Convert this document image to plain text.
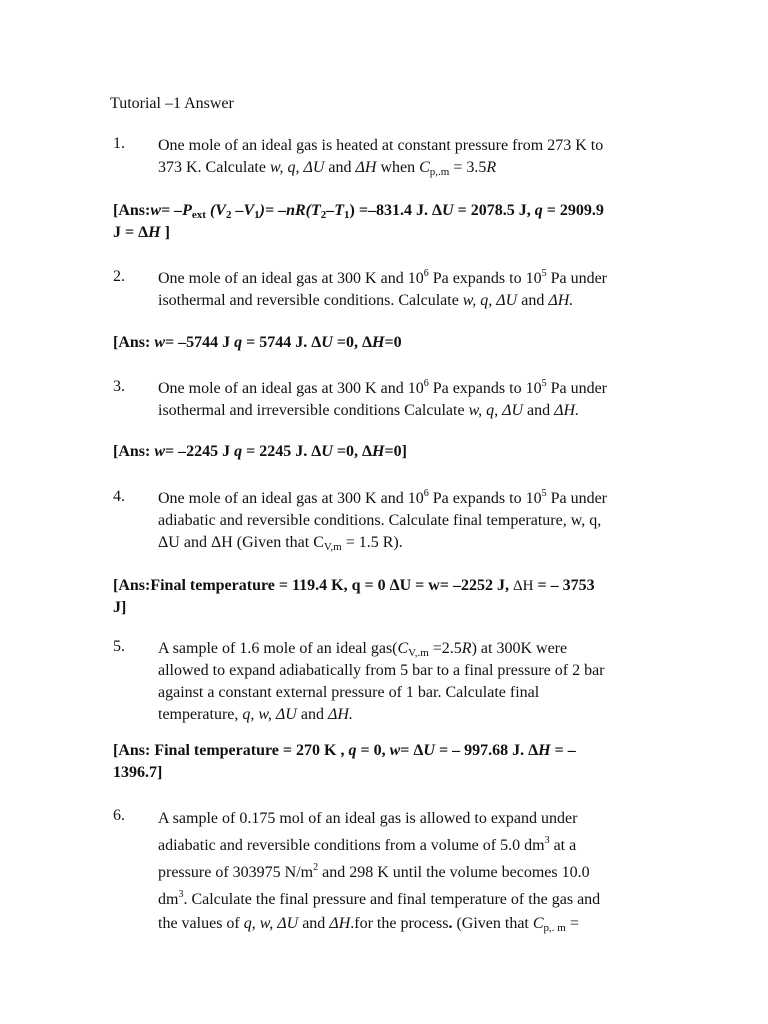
Tutorial –1 Answer
1. One mole of an ideal gas is heated at constant pressure from 273 K to
373 K. Calculate w, q, ΔU and ΔH when $C_{p,.m} = 3.5R$
[Ans:w= $-P_{ext}$ ($V_2$ $-V_1)= -nR(T_2-T_1) =-831.4$ J. ΔU = 2078.5 J, q = 2909.9
J = ΔH ]
2. One mole of an ideal gas at 300 K and $10^6$ Pa expands to $10^5$ Pa under
isothermal and reversible conditions. Calculate w, q, ΔU and ΔH.
[Ans: w= –5744 J q = 5744 J. ΔU =0, ΔH=0
3. One mole of an ideal gas at 300 K and $10^6$ Pa expands to $10^5$ Pa under
isothermal and irreversible conditions Calculate w, q, ΔU and ΔH.
[Ans: w= –2245 J q = 2245 J. ΔU =0, ΔH=0]
4. One mole of an ideal gas at 300 K and $10^6$ Pa expands to $10^5$ Pa under
adiabatic and reversible conditions. Calculate final temperature, w, q,
ΔU and ΔH (Given that $C_{V,m} = 1.5$ R).
[Ans:Final temperature = 119.4 K, q = 0 ΔU = w= –2252 J, ΔH = – 3753
J]
5. A sample of 1.6 mole of an ideal $gas(C_{V,.m} =2.5R)$ at 300K were
allowed to expand adiabatically from 5 bar to a final pressure of 2 bar
against a constant external pressure of 1 bar. Calculate final
temperature, q, w, ΔU and ΔH.
[Ans: Final temperature = 270 K , q = 0, w= ΔU = – 997.68 J. ΔH = –
1396.7]
6. A sample of 0.175 mol of an ideal gas is allowed to expand under
adiabatic and reversible conditions from a volume of 5.0 $dm^3$ at a
pressure of 303975 $N/m^2$ and 298 K until the volume becomes 10.0
$dm^3$. Calculate the final pressure and final temperature of the gas and
the values of q, w, ΔU and ΔH.for the process. (Given that $C_{p,. m}$ =
